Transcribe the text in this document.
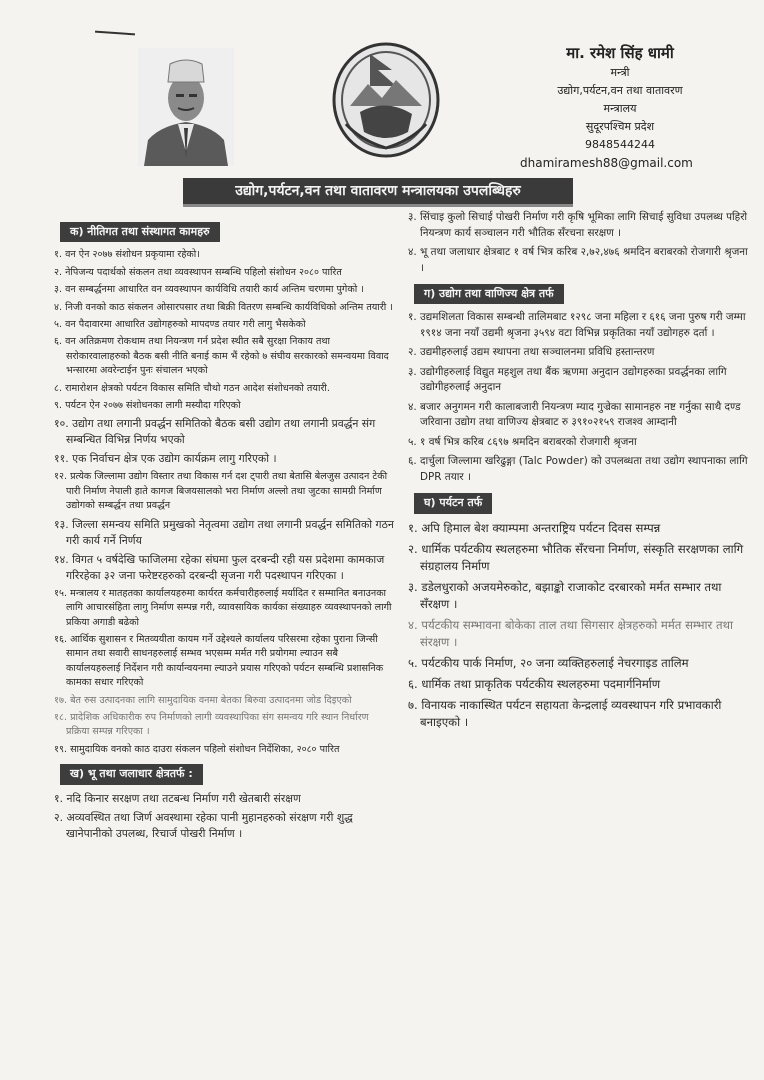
मा. रमेश सिंह धामी
मन्त्री
उद्योग,पर्यटन,वन तथा वातावरण
मन्त्रालय
सुदूरपश्चिम प्रदेश
9848544244
dhamiramesh88@gmail.com
उद्योग,पर्यटन,वन तथा वातावरण मन्त्रालयका उपलब्धिहरु
क) नीतिगत तथा संस्थागत कामहरु
१. वन ऐन २०७७ संशोधन प्रकृयामा रहेको।
२. नेपिजन्य पदार्थको संकलन तथा व्यवस्थापन सम्बन्धि पहिलो संशोधन २०८० पारित
३. वन सम्बर्द्धनमा आधारित वन व्यवस्थापन कार्यविधि तयारी कार्य अन्तिम चरणमा पुगेको ।
४. निजी वनको काठ संकलन ओसारपसार तथा बिक्री वितरण सम्बन्धि कार्यविधिको अन्तिम तयारी ।
५. वन पैदावारमा आधारित उद्योगहरुको मापदण्ड तयार गरी लागु भैसकेको
६. वन अतिक्रमण रोकथाम तथा नियन्त्रण गर्न प्रदेश स्थीत सबै सुरक्षा निकाय तथा सरोकारवालाहरुको बैठक बसी नीति बनाई काम भैं रहेको ७ संघीय सरकारको समन्वयमा विवाद भन्सारमा अवरेन्टाईन पुनः संचालन भएको
८. रामारोशन क्षेत्रको पर्यटन विकास समिति चौथो गठन आदेश संशोधनको तयारी.
९. पर्यटन ऐन २०७७ संशोधनका लागी मस्यौदा गरिएको
१०. उद्योग तथा लगानी प्रवर्द्धन समितिको बैठक बसी उद्योग तथा लगानी प्रवर्द्धन संग सम्बन्धित विभिन्न निर्णय भएको
११. एक निर्वाचन क्षेत्र एक उद्योग कार्यक्रम लागु गरिएको ।
१२. प्रत्येक जिल्लामा उद्योग विस्तार तथा विकास गर्न दश ट्पारी तथा बेतासि बेलजुस उत्पादन टेकी पारी निर्माण नेपाली हाते कागज बिजयसालको भरा निर्माण अल्लो तथा जुटका सामग्री निर्माण उद्योगको सम्बर्द्धन तथा प्रवर्द्धन
१३. जिल्ला समन्वय समिति प्रमुखको नेतृत्वमा उद्योग तथा लगानी प्रवर्द्धन समितिको गठन गरी कार्य गर्ने निर्णय
१४. विगत ५ वर्षदेखि फाजिलमा रहेका संघमा फुल दरबन्दी रही यस प्रदेशमा कामकाज गरिरहेका ३२ जना फरेष्टरहरुको दरबन्दी सृजना गरी पदस्थापन गरिएका ।
१५. मन्त्रालय र मातहतका कार्यालयहरुमा कार्यरत कर्मचारीहरुलाई मर्यादित र सम्मानित बनाउनका लागि आचारसंहिता लागु निर्माण सम्पन्न गरी, व्यावसायिक कार्यका संख्याहरु व्यवस्थापनको लागी प्रकिया अगाडी बढेको
१६. आर्थिक सुशासन र मितव्ययीता कायम गर्ने उद्देश्यले कार्यालय परिसरमा रहेका पुराना जिन्सी सामान तथा सवारी साधनहरुलाई सम्भव भएसम्म मर्मत गरी प्रयोगमा ल्याउन सबै कार्यालयहरुलाई निर्देशन गरी कार्यान्वयनमा ल्याउने प्रयास गरिएको पर्यटन सम्बन्धि प्रशासनिक कामका सधार गरिएको
१७. बेत रुस उत्पादनका लागि सामुदायिक वनमा बेतका बिरुवा उत्पादनमा जोड दिइएको
१८. प्रादेशिक अधिकारीक रुप निर्माणको लागी व्यवस्थापिका संग समन्वय गरि स्थान निर्धारण प्रक्रिया सम्पन्न गरिएका ।
१९. सामुदायिक वनको काठ दाउरा संकलन पहिलो संशोधन निर्देशिका, २०८० पारित
ख) भू तथा जलाधार क्षेत्रतर्फ :
१. नदि किनार सरक्षण तथा तटबन्ध निर्माण गरी खेतबारी संरक्षण
२. अव्यवस्थित तथा जिर्ण अवस्थामा रहेका पानी मुहानहरुको संरक्षण गरी शुद्ध खानेपानीको उपलब्ध, रिचार्ज पोखरी निर्माण ।
३. सिंचाइ कुलो सिचाई पोखरी निर्माण गरी कृषि भूमिका लागि सिचाई सुविधा उपलब्ध पहिरो नियन्त्रण कार्य सञ्चालन गरी भौतिक सँरचना सरक्षण ।
४. भू तथा जलाधार क्षेत्रबाट १ वर्ष भित्र करिब २,७२,४७६ श्रमदिन बराबरको रोजगारी श्रृजना ।
ग) उद्योग तथा वाणिज्य क्षेत्र तर्फ
१. उद्यमशिलता विकास सम्बन्धी तालिमबाट १२९८ जना महिला र ६१६ जना पुरुष गरी जम्मा १९१४ जना नयाँ उद्यमी श्रृजना ३५९४ वटा विभिन्न प्रकृतिका नयाँ उद्योगहरु दर्ता ।
२. उद्यमीहरुलाई उद्यम स्थापना तथा सञ्चालनमा प्रविधि हस्तान्तरण
३. उद्योगीहरुलाई विद्युत महशुल तथा बैंक ऋणमा अनुदान उद्योगहरुका प्रवर्द्धनका लागि उद्योगीहरुलाई अनुदान
४. बजार अनुगमन गरी कालाबजारी नियन्त्रण म्याद गुज्रेका सामानहरु नष्ट गर्नुका साथै दण्ड जरिवाना उद्योग तथा वाणिज्य क्षेत्रबाट रु ३९१०२१५९ राजश्व आम्दानी
५. १ वर्ष भित्र करिब ८६९७ श्रमदिन बराबरको रोजगारी श्रृजना
६. दार्चुला जिल्लामा खरिढुङ्गा (Talc Powder) को उपलब्धता तथा उद्योग स्थापनाका लागि DPR तयार ।
घ) पर्यटन तर्फ
१. अपि हिमाल बेश क्याम्पमा अन्तराष्ट्रिय पर्यटन दिवस सम्पन्न
२. धार्मिक पर्यटकीय स्थलहरुमा भौतिक सँरचना निर्माण, संस्कृति सरक्षणका लागि संग्रहालय निर्माण
३. डडेलधुराको अजयमेरुकोट, बझाङ्को राजाकोट दरबारको मर्मत सम्भार तथा सँरक्षण ।
४. पर्यटकीय सम्भावना बोकेका ताल तथा सिगसार क्षेत्रहरुको मर्मत सम्भार तथा संरक्षण ।
५. पर्यटकीय पार्क निर्माण, २० जना व्यक्तिहरुलाई नेचरगाइड तालिम
६. धार्मिक तथा प्राकृतिक पर्यटकीय स्थलहरुमा पदमार्गनिर्माण
७. विनायक नाकास्थित पर्यटन सहायता केन्द्रलाई व्यवस्थापन गरि प्रभावकारी बनाइएको ।
